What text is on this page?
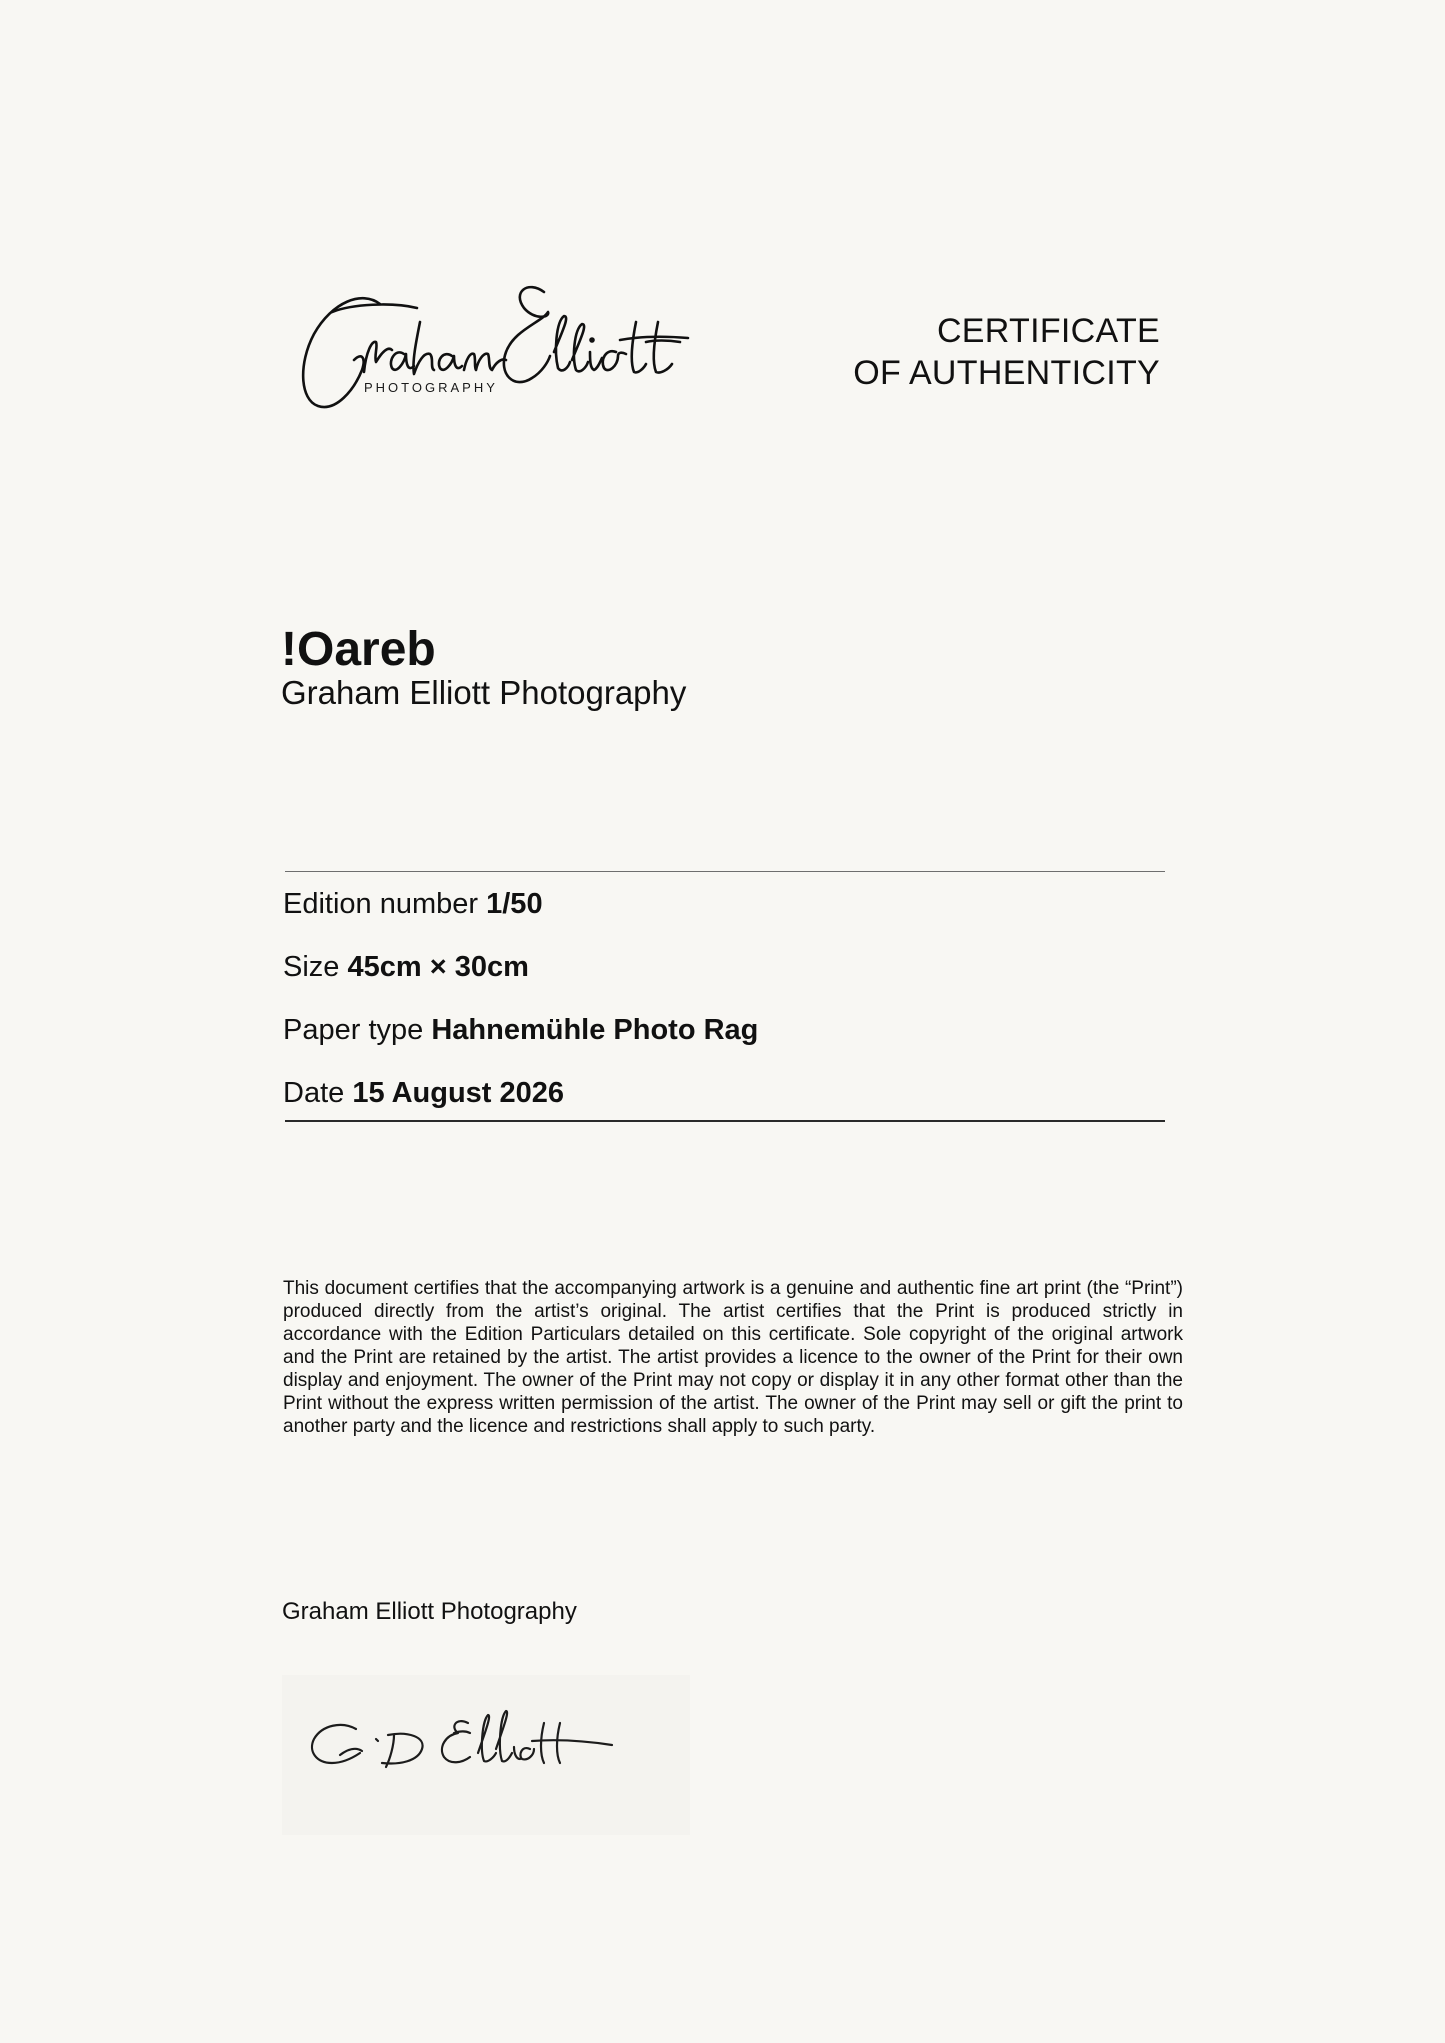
PHOTOGRAPHY
CERTIFICATE
OF AUTHENTICITY
!Oareb
Graham Elliott Photography
Edition number 1/50
Size 45cm × 30cm
Paper type Hahnemühle Photo Rag
Date 15 August 2026
This document certifies that the accompanying artwork is a genuine and authentic fine art print (the “Print”) produced directly from the artist’s original. The artist certifies that the Print is produced strictly in accordance with the Edition Particulars detailed on this certificate. Sole copyright of the original artwork and the Print are retained by the artist. The artist provides a licence to the owner of the Print for their own display and enjoyment. The owner of the Print may not copy or display it in any other format other than the Print without the express written permission of the artist. The owner of the Print may sell or gift the print to another party and the licence and restrictions shall apply to such party.
Graham Elliott Photography
